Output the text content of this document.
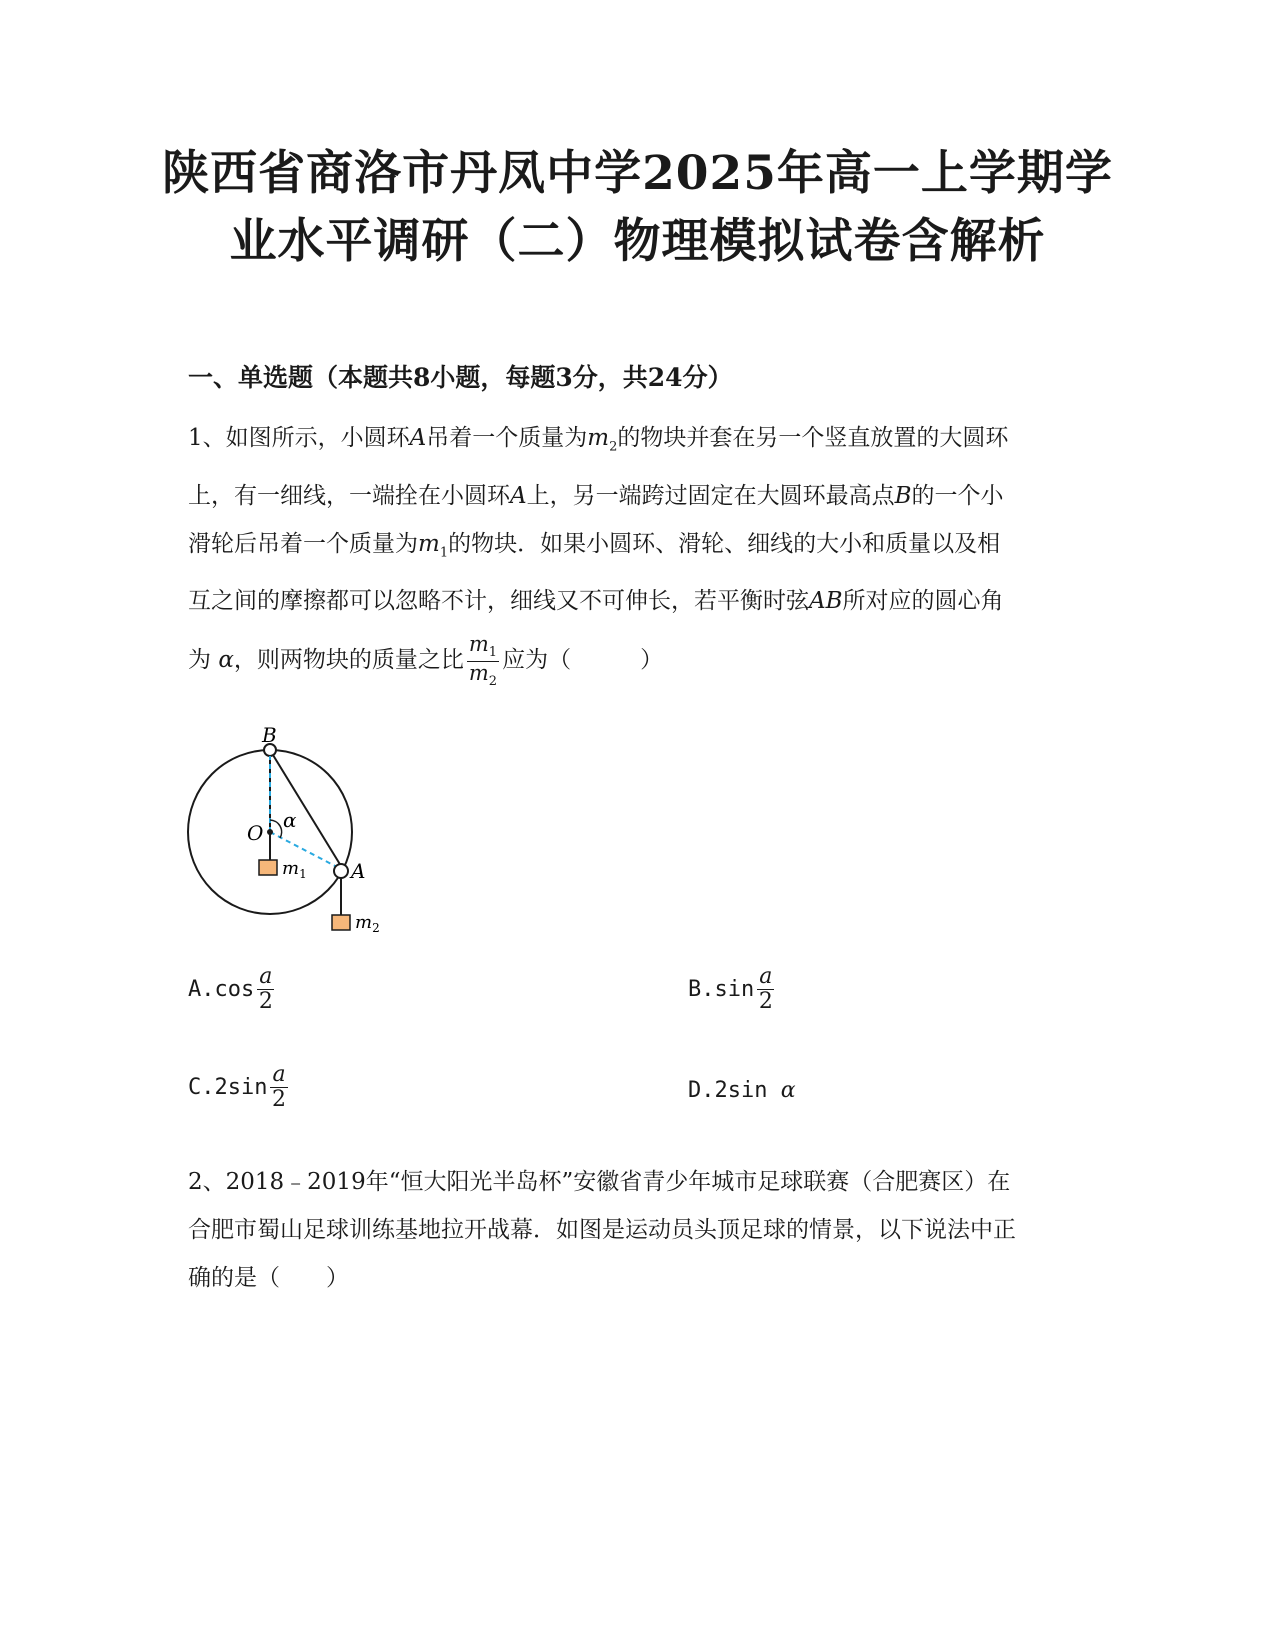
陕西省商洛市丹凤中学2025年高一上学期学
业水平调研（二）物理模拟试卷含解析
一、单选题（本题共8小题，每题3分，共24分）
1、如图所示，小圆环A吊着一个质量为$m_2$的物块并套在另一个竖直放置的大圆环
上，有一细线，一端拴在小圆环A上，另一端跨过固定在大圆环最高点B的一个小
滑轮后吊着一个质量为$m_1$的物块．如果小圆环、滑轮、细线的大小和质量以及相
互之间的摩擦都可以忽略不计，细线又不可伸长，若平衡时弦AB所对应的圆心角
为 α，则两物块的质量之比 $\frac{m_1}{m_2}$ 应为（　　　）
B
O
α
A
$m_1$
$m_2$
A. $\cos \frac{a}{2}$	B. $\sin \frac{a}{2}$
C. $2\sin \frac{a}{2}$	D. 2sin
α
2、2018﹣2019年“恒大阳光半岛杯”安徽省青少年城市足球联赛（合肥赛区）在
合肥市蜀山足球训练基地拉开战幕．如图是运动员头顶足球的情景，以下说法中正
确的是（　　）
